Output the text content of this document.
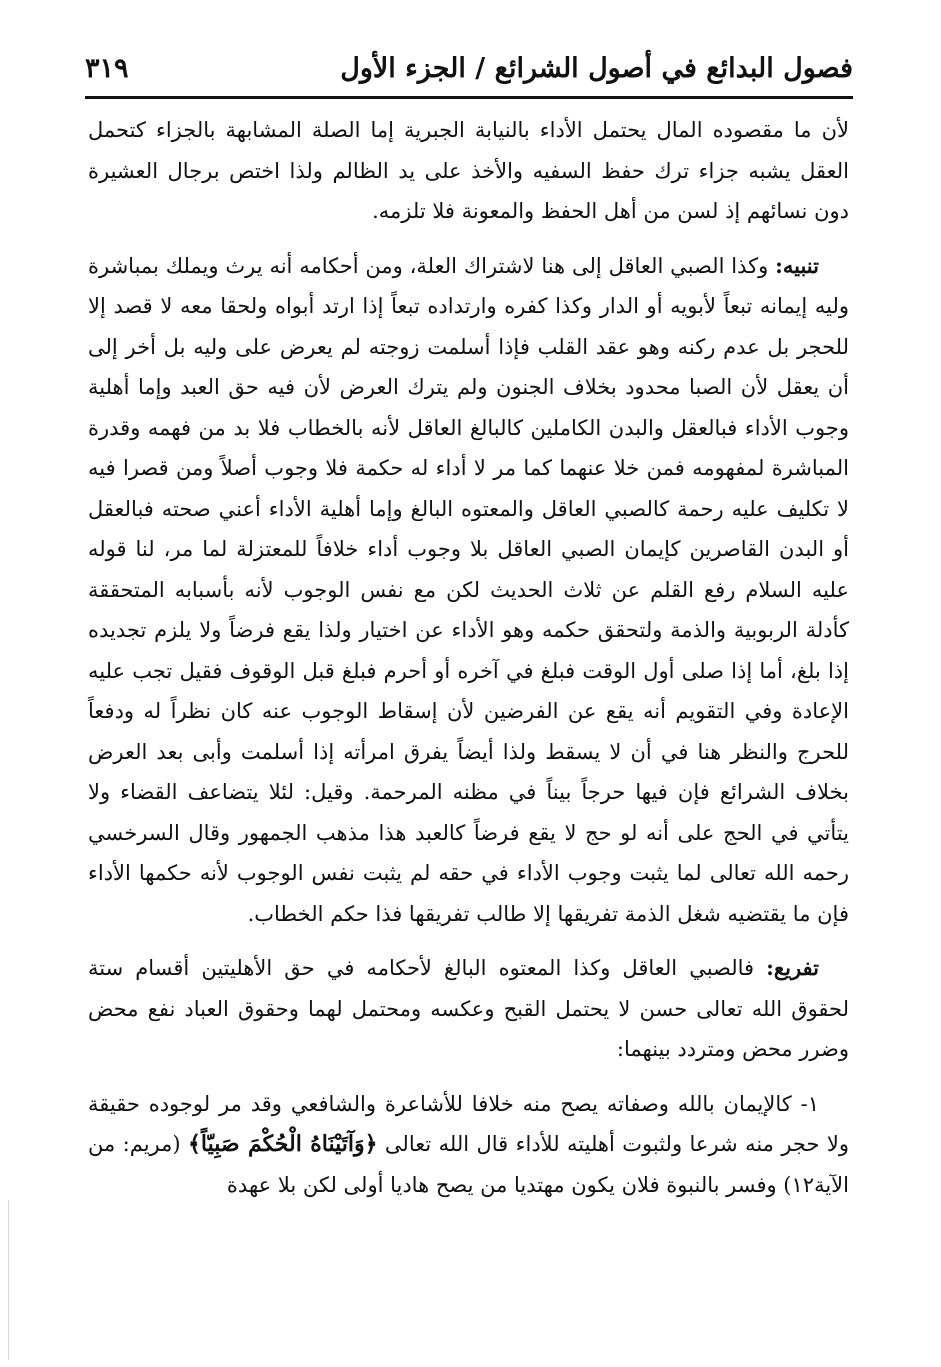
فصول البدائع في أصول الشرائع / الجزء الأول
٣١٩

لأن ما مقصوده المال يحتمل الأداء بالنيابة الجبرية إما الصلة المشابهة بالجزاء كتحمل العقل يشبه جزاء ترك حفظ السفيه والأخذ على يد الظالم ولذا اختص برجال العشيرة دون نسائهم إذ لسن من أهل الحفظ والمعونة فلا تلزمه.

تنبيه: وكذا الصبي العاقل إلى هنا لاشتراك العلة، ومن أحكامه أنه يرث ويملك بمباشرة وليه إيمانه تبعاً لأبويه أو الدار وكذا كفره وارتداده تبعاً إذا ارتد أبواه ولحقا معه لا قصد إلا للحجر بل عدم ركنه وهو عقد القلب فإذا أسلمت زوجته لم يعرض على وليه بل أخر إلى أن يعقل لأن الصبا محدود بخلاف الجنون ولم يترك العرض لأن فيه حق العبد وإما أهلية وجوب الأداء فبالعقل والبدن الكاملين كالبالغ العاقل لأنه بالخطاب فلا بد من فهمه وقدرة المباشرة لمفهومه فمن خلا عنهما كما مر لا أداء له حكمة فلا وجوب أصلاً ومن قصرا فيه لا تكليف عليه رحمة كالصبي العاقل والمعتوه البالغ وإما أهلية الأداء أعني صحته فبالعقل أو البدن القاصرين كإيمان الصبي العاقل بلا وجوب أداء خلافاً للمعتزلة لما مر، لنا قوله عليه السلام رفع القلم عن ثلاث الحديث لكن مع نفس الوجوب لأنه بأسبابه المتحققة كأدلة الربوبية والذمة ولتحقق حكمه وهو الأداء عن اختيار ولذا يقع فرضاً ولا يلزم تجديده إذا بلغ، أما إذا صلى أول الوقت فبلغ في آخره أو أحرم فبلغ قبل الوقوف فقيل تجب عليه الإعادة وفي التقويم أنه يقع عن الفرضين لأن إسقاط الوجوب عنه كان نظراً له ودفعاً للحرج والنظر هنا في أن لا يسقط ولذا أيضاً يفرق امرأته إذا أسلمت وأبى بعد العرض بخلاف الشرائع فإن فيها حرجاً بيناً في مظنه المرحمة. وقيل: لئلا يتضاعف القضاء ولا يتأتي في الحج على أنه لو حج لا يقع فرضاً كالعبد هذا مذهب الجمهور وقال السرخسي رحمه الله تعالى لما يثبت وجوب الأداء في حقه لم يثبت نفس الوجوب لأنه حكمها الأداء فإن ما يقتضيه شغل الذمة تفريقها إلا طالب تفريقها فذا حكم الخطاب.

تفريع: فالصبي العاقل وكذا المعتوه البالغ لأحكامه في حق الأهليتين أقسام ستة لحقوق الله تعالى حسن لا يحتمل القبح وعكسه ومحتمل لهما وحقوق العباد نفع محض وضرر محض ومتردد بينهما:

١- كالإيمان بالله وصفاته يصح منه خلافا للأشاعرة والشافعي وقد مر لوجوده حقيقة ولا حجر منه شرعا ولثبوت أهليته للأداء قال الله تعالى ﴿وَآتَيْنَاهُ الْحُكْمَ صَبِيّاً﴾ (مريم: من الآية١٢) وفسر بالنبوة فلان يكون مهتديا من يصح هاديا أولى لكن بلا عهدة
